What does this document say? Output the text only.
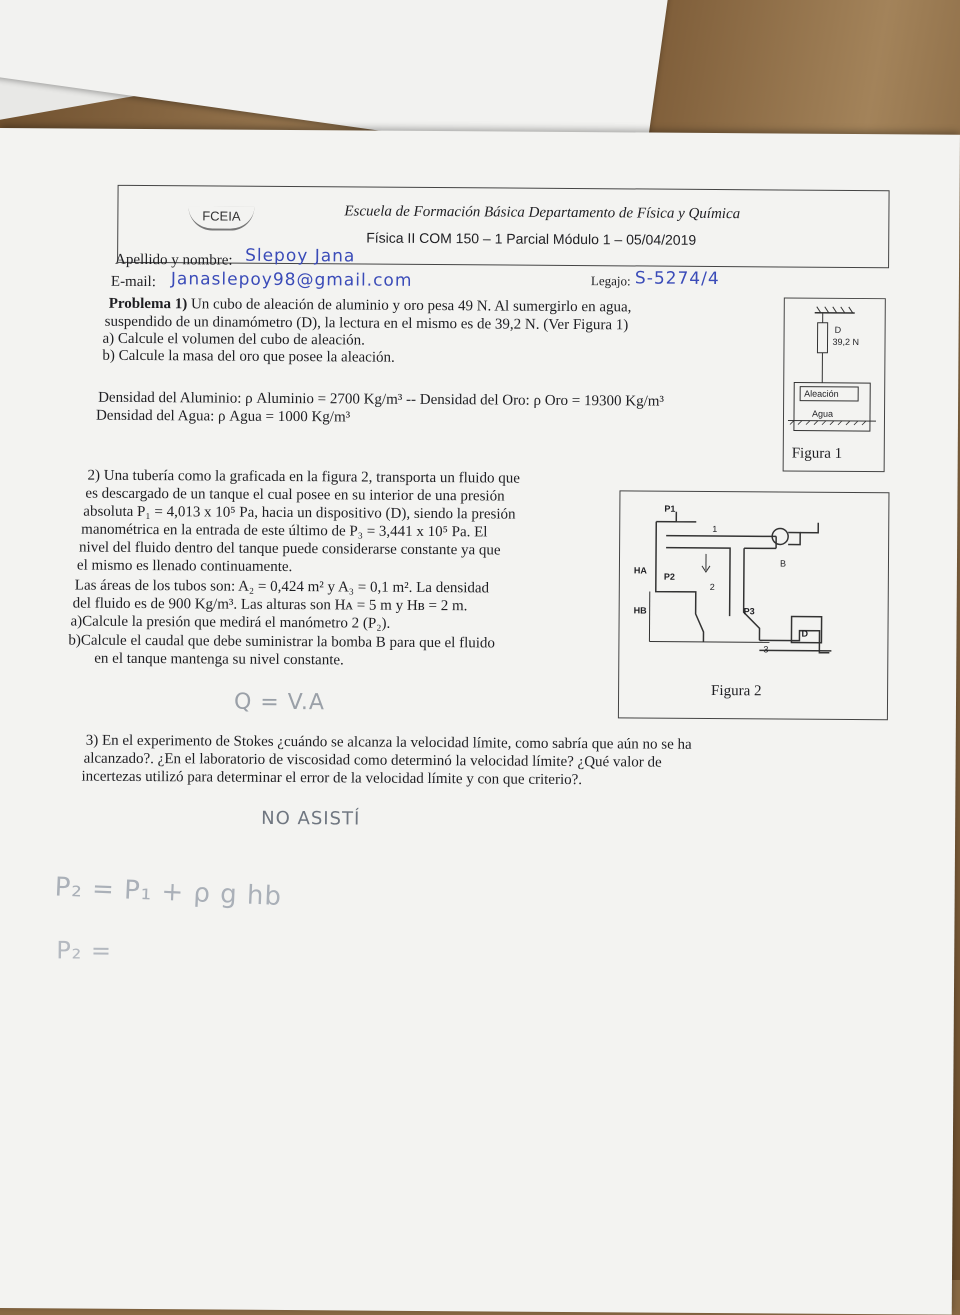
FCEIA	Escuela de Formación Básica Departamento de Física y Química
Física II COM 150 – 1 Parcial Módulo 1 – 05/04/2019
Apellido y nombre: Slepoy Jana
E-mail: Janaslepoy98@gmail.com	Legajo: S-5274/4
Problema 1) Un cubo de aleación de aluminio y oro pesa 49 N. Al sumergirlo en agua,
suspendido de un dinamómetro (D), la lectura en el mismo es de 39,2 N. (Ver Figura 1)
a) Calcule el volumen del cubo de aleación.
b) Calcule la masa del oro que posee la aleación.
Densidad del Aluminio: ρ Aluminio = 2700 Kg/m³ -- Densidad del Oro: ρ Oro = 19300 Kg/m³
Densidad del Agua: ρ Agua = 1000 Kg/m³
D
39,2 N
Aleación
Agua
Figura 1
2) Una tubería como la graficada en la figura 2, transporta un fluido que
es descargado de un tanque el cual posee en su interior de una presión
absoluta P₁ = 4,013 x 10⁵ Pa, hacia un dispositivo (D), siendo la presión
manométrica en la entrada de este último de P₃ = 3,441 x 10⁵ Pa. El
nivel del fluido dentro del tanque puede considerarse constante ya que
el mismo es llenado continuamente.
Las áreas de los tubos son: A₂ = 0,424 m² y A₃ = 0,1 m². La densidad
del fluido es de 900 Kg/m³. Las alturas son Hᴀ = 5 m y Hʙ = 2 m.
a)Calcule la presión que medirá el manómetro 2 (P₂).
b)Calcule el caudal que debe suministrar la bomba B para que el fluido
en el tanque mantenga su nivel constante.
P1
P2
P3
HA
HB
B
D
1
2
3
Figura 2
Q = V.A
3) En el experimento de Stokes ¿cuándo se alcanza la velocidad límite, como sabría que aún no se ha
alcanzado?. ¿En el laboratorio de viscosidad como determinó la velocidad límite? ¿Qué valor de
incertezas utilizó para determinar el error de la velocidad límite y con que criterio?.
NO ASISTÍ
P₂ = P₁ + ρ g hb
P₂ =
